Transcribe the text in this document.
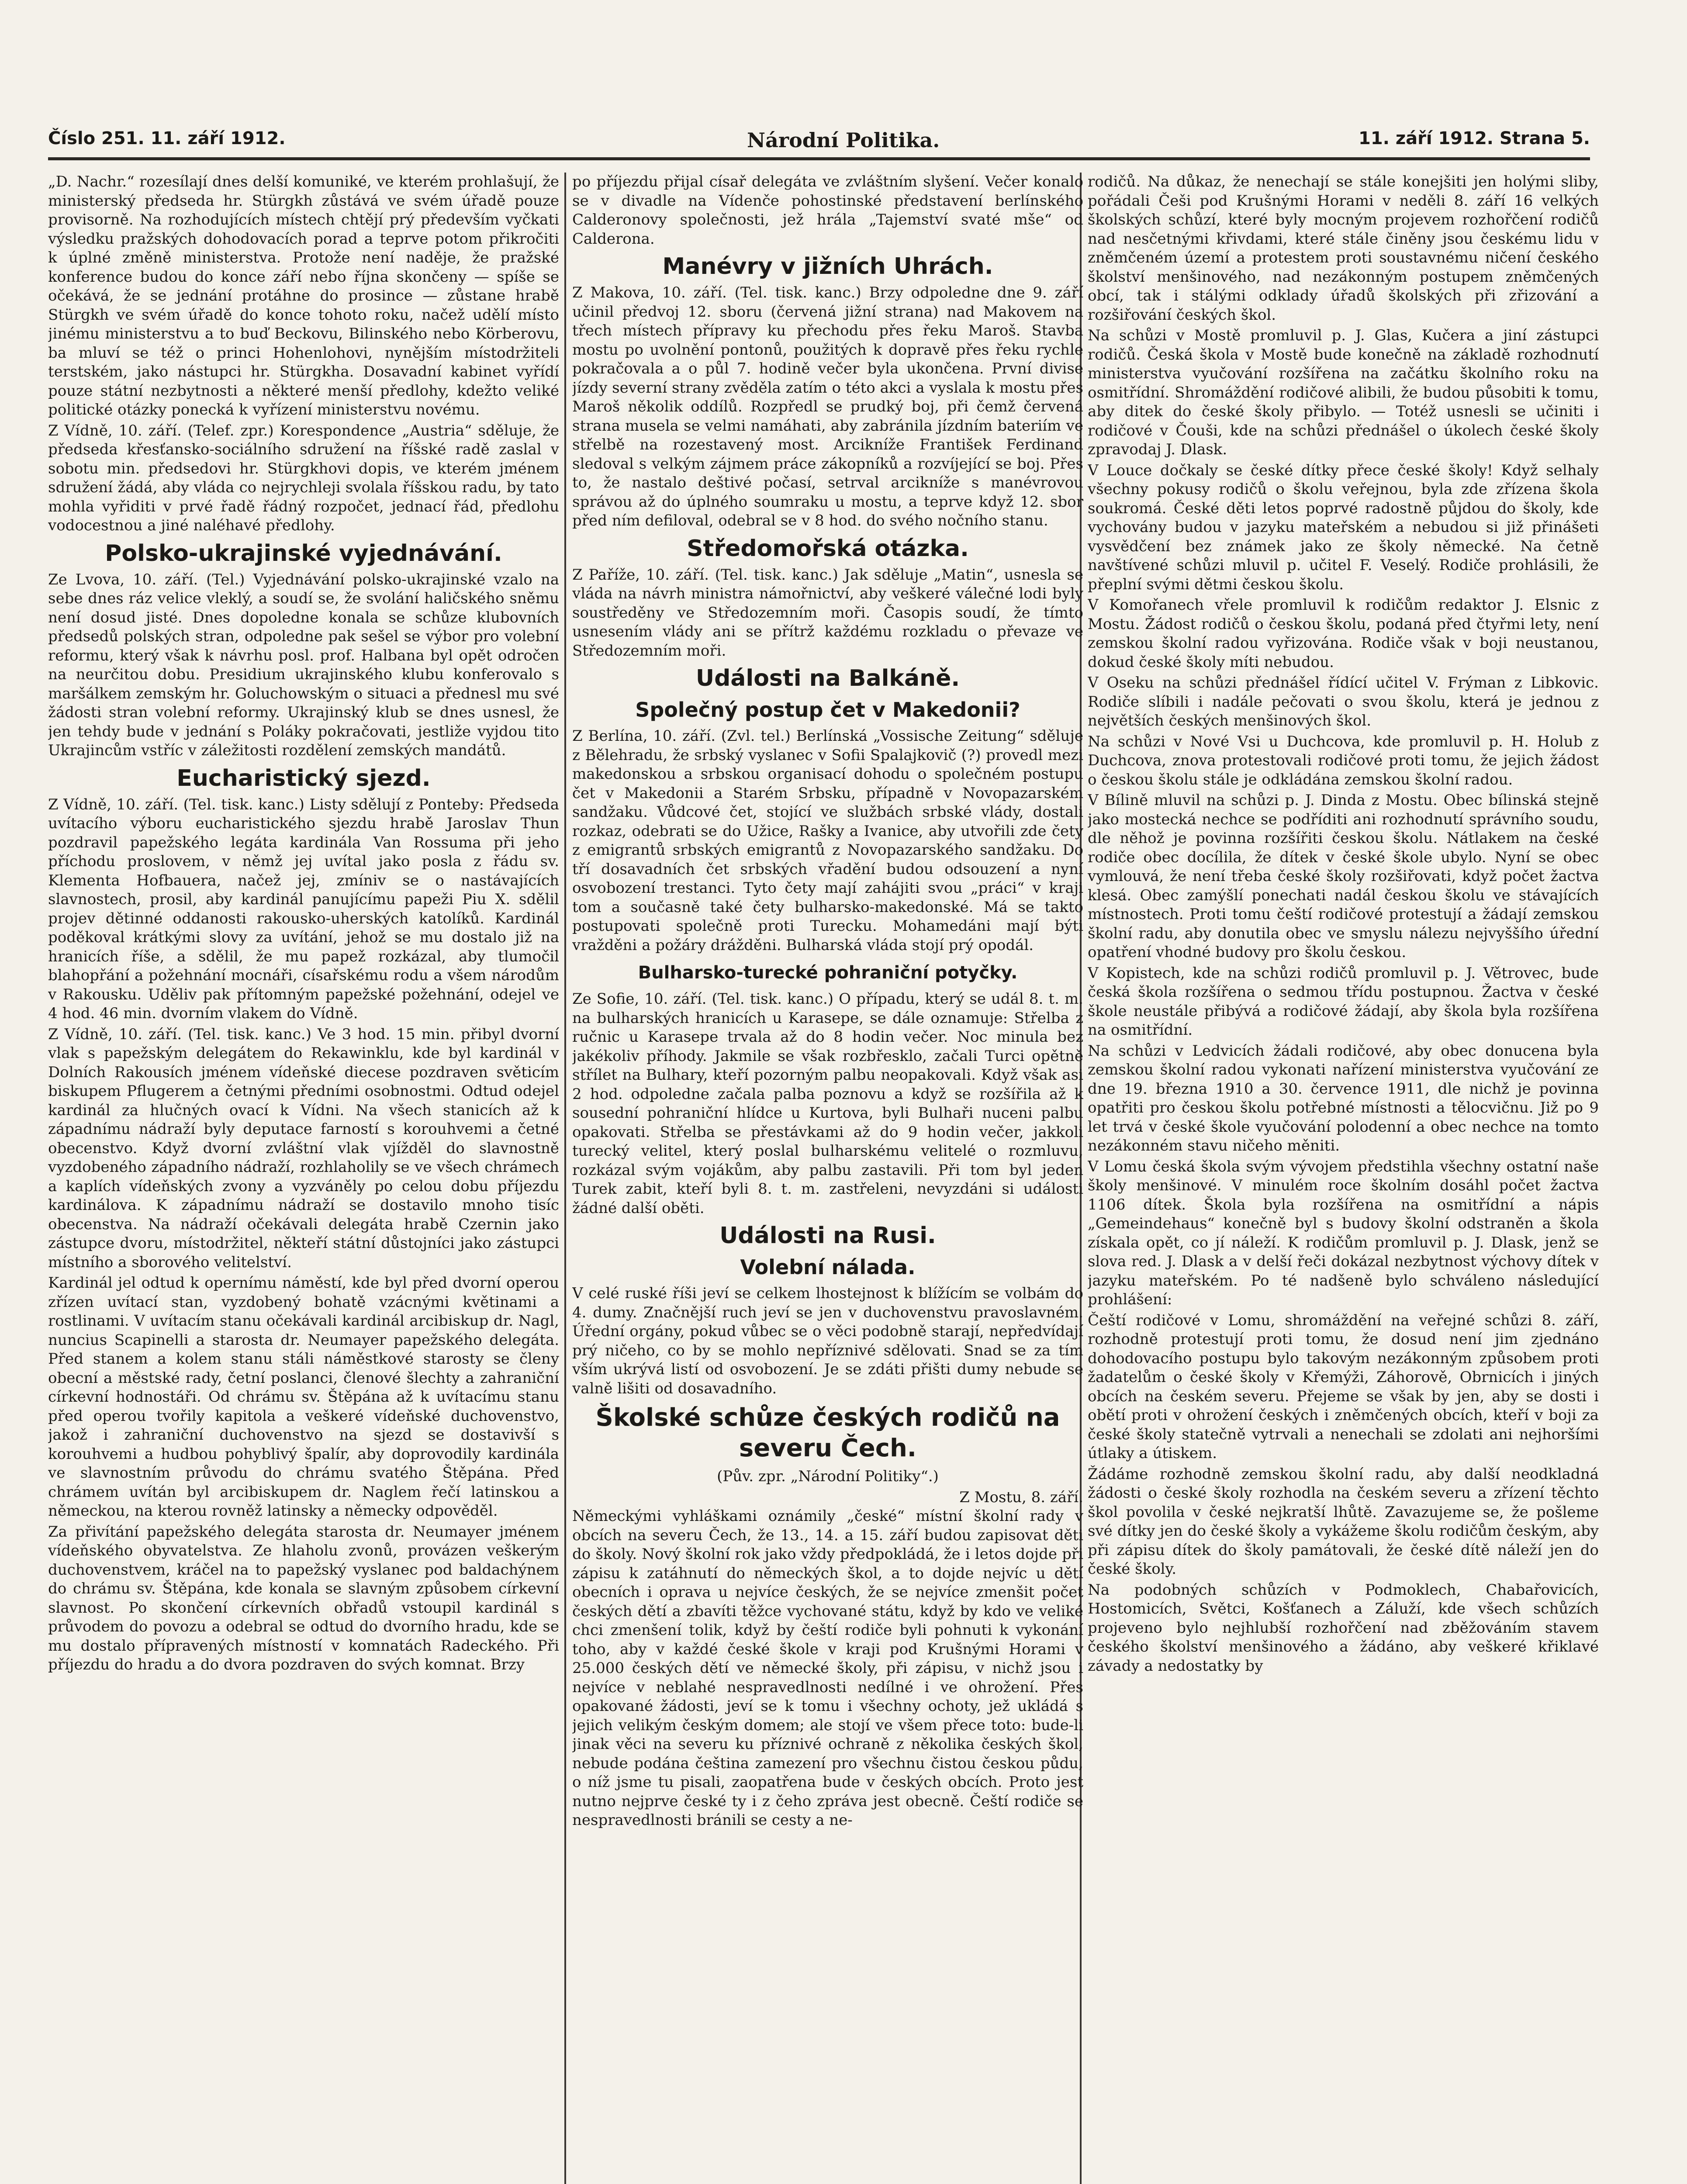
Číslo 251. 11. září 1912.	Národní Politika.	11. září 1912. Strana 5.

„D. Nachr.“ rozesílají dnes delší komuniké, ve kterém prohlašují, že ministerský předseda hr. Stürgkh zůstává ve svém úřadě pouze provisorně. Na rozhodujících místech chtějí prý především vyčkati výsledku pražských dohodovacích porad a teprve potom přikročiti k úplné změně ministerstva. Protože není naděje, že pražské konference budou do konce září nebo října skončeny — spíše se očekává, že se jednání protáhne do prosince — zůstane hrabě Stürgkh ve svém úřadě do konce tohoto roku, načež udělí místo jinému ministerstvu a to buď Beckovu, Bilinského nebo Körberovu, ba mluví se též o princi Hohenlohovi, nynějším místodržiteli terstském, jako nástupci hr. Stürgkha. Dosavadní kabinet vyřídí pouze státní nezbytnosti a některé menší předlohy, kdežto veliké politické otázky ponecká k vyřízení ministerstvu novému.

Z Vídně, 10. září. (Telef. zpr.) Korespondence „Austria“ sděluje, že předseda křesťansko-sociálního sdružení na říšské radě zaslal v sobotu min. předsedovi hr. Stürgkhovi dopis, ve kterém jménem sdružení žádá, aby vláda co nejrychleji svolala říšskou radu, by tato mohla vyřiditi v prvé řadě řádný rozpočet, jednací řád, předlohu vodocestnou a jiné naléhavé předlohy.

Polsko-ukrajinské vyjednávání.

Ze Lvova, 10. září. (Tel.) Vyjednávání polsko-ukrajinské vzalo na sebe dnes ráz velice vleklý, a soudí se, že svolání haličského sněmu není dosud jisté. Dnes dopoledne konala se schůze klubovních předsedů polských stran, odpoledne pak sešel se výbor pro volební reformu, který však k návrhu posl. prof. Halbana byl opět odročen na neurčitou dobu. Presidium ukrajinského klubu konferovalo s maršálkem zemským hr. Goluchowským o situaci a přednesl mu své žádosti stran volební reformy. Ukrajinský klub se dnes usnesl, že jen tehdy bude v jednání s Poláky pokračovati, jestliže vyjdou tito Ukrajincům vstříc v záležitosti rozdělení zemských mandátů.

Eucharistický sjezd.

Z Vídně, 10. září. (Tel. tisk. kanc.) Listy sdělují z Ponteby: Předseda uvítacího výboru eucharistického sjezdu hrabě Jaroslav Thun pozdravil papežského legáta kardinála Van Rossuma při jeho příchodu proslovem, v němž jej uvítal jako posla z řádu sv. Klementa Hofbauera, načež jej, zmíniv se o nastávajících slavnostech, prosil, aby kardinál panujícímu papeži Piu X. sdělil projev dětinné oddanosti rakousko-uherských katolíků. Kardinál poděkoval krátkými slovy za uvítání, jehož se mu dostalo již na hranicích říše, a sdělil, že mu papež rozkázal, aby tlumočil blahopřání a požehnání mocnáři, císařskému rodu a všem národům v Rakousku. Uděliv pak přítomným papežské požehnání, odejel ve 4 hod. 46 min. dvorním vlakem do Vídně.

Z Vídně, 10. září. (Tel. tisk. kanc.) Ve 3 hod. 15 min. přibyl dvorní vlak s papežským delegátem do Rekawinklu, kde byl kardinál v Dolních Rakousích jménem vídeňské diecese pozdraven světicím biskupem Pflugerem a četnými předními osobnostmi. Odtud odejel kardinál za hlučných ovací k Vídni. Na všech stanicích až k západnímu nádraží byly deputace farností s korouhvemi a četné obecenstvo. Když dvorní zvláštní vlak vjížděl do slavnostně vyzdobeného západního nádraží, rozhlaholily se ve všech chrámech a kaplích vídeňských zvony a vyzváněly po celou dobu příjezdu kardinálova. K západnímu nádraží se dostavilo mnoho tisíc obecenstva. Na nádraží očekávali delegáta hrabě Czernin jako zástupce dvoru, místodržitel, někteří státní důstojníci jako zástupci místního a sborového velitelství.

Kardinál jel odtud k opernímu náměstí, kde byl před dvorní operou zřízen uvítací stan, vyzdobený bohatě vzácnými květinami a rostlinami. V uvítacím stanu očekávali kardinál arcibiskup dr. Nagl, nuncius Scapinelli a starosta dr. Neumayer papežského delegáta. Před stanem a kolem stanu stáli náměstkové starosty se členy obecní a městské rady, četní poslanci, členové šlechty a zahraniční církevní hodnostáři. Od chrámu sv. Štěpána až k uvítacímu stanu před operou tvořily kapitola a veškeré vídeňské duchovenstvo, jakož i zahraniční duchovenstvo na sjezd se dostavivší s korouhvemi a hudbou pohyblivý špalír, aby doprovodily kardinála ve slavnostním průvodu do chrámu svatého Štěpána. Před chrámem uvítán byl arcibiskupem dr. Naglem řečí latinskou a německou, na kterou rovněž latinsky a německy odpověděl.

Za přivítání papežského delegáta starosta dr. Neumayer jménem vídeňského obyvatelstva. Ze hlaholu zvonů, provázen veškerým duchovenstvem, kráčel na to papežský vyslanec pod baldachýnem do chrámu sv. Štěpána, kde konala se slavným způsobem církevní slavnost. Po skončení církevních obřadů vstoupil kardinál s průvodem do povozu a odebral se odtud do dvorního hradu, kde se mu dostalo přípravených místností v komnatách Radeckého. Při příjezdu do hradu a do dvora pozdraven do svých komnat. Brzy

po příjezdu přijal císař delegáta ve zvláštním slyšení. Večer konalo se v divadle na Vídenče pohostinské představení berlínského Calderonovy společnosti, jež hrála „Tajemství svaté mše“ od Calderona.

Manévry v jižních Uhrách.

Z Makova, 10. září. (Tel. tisk. kanc.) Brzy odpoledne dne 9. září učinil předvoj 12. sboru (červená jižní strana) nad Makovem na třech místech přípravy ku přechodu přes řeku Maroš. Stavba mostu po uvolnění pontonů, použitých k dopravě přes řeku rychle pokračovala a o půl 7. hodině večer byla ukončena. První divise jízdy severní strany zvěděla zatím o této akci a vyslala k mostu přes Maroš několik oddílů. Rozpředl se prudký boj, při čemž červená strana musela se velmi namáhati, aby zabránila jízdním bateriím ve střelbě na rozestavený most. Arcikníže František Ferdinand sledoval s velkým zájmem práce zákopníků a rozvíjející se boj. Přes to, že nastalo deštivé počasí, setrval arcikníže s manévrovou správou až do úplného soumraku u mostu, a teprve když 12. sbor před ním defiloval, odebral se v 8 hod. do svého nočního stanu.

Středomořská otázka.

Z Paříže, 10. září. (Tel. tisk. kanc.) Jak sděluje „Matin“, usnesla se vláda na návrh ministra námořnictví, aby veškeré válečné lodi byly soustředěny ve Středozemním moři. Časopis soudí, že tímto usnesením vlády ani se přítrž každému rozkladu o převaze ve Středozemním moři.

Události na Balkáně.
Společný postup čet v Makedonii?

Z Berlína, 10. září. (Zvl. tel.) Berlínská „Vossische Zeitung“ sděluje z Bělehradu, že srbský vyslanec v Sofii Spalajkovič (?) provedl mezi makedonskou a srbskou organisací dohodu o společném postupu čet v Makedonii a Starém Srbsku, případně v Novopazarském sandžaku. Vůdcové čet, stojící ve službách srbské vlády, dostali rozkaz, odebrati se do Užice, Rašky a Ivanice, aby utvořili zde čety z emigrantů srbských emigrantů z Novopazarského sandžaku. Do tří dosavadních čet srbských vřadění budou odsouzení a nyní osvobození trestanci. Tyto čety mají zahájiti svou „práci“ v kraji tom a současně také čety bulharsko-makedonské. Má se takto postupovati společně proti Turecku. Mohamedáni mají býti vražděni a požáry drážděni. Bulharská vláda stojí prý opodál.

Bulharsko-turecké pohraniční potyčky.

Ze Sofie, 10. září. (Tel. tisk. kanc.) O případu, který se udál 8. t. m. na bulharských hranicích u Karasepe, se dále oznamuje: Střelba z ručnic u Karasepe trvala až do 8 hodin večer. Noc minula bez jakékoliv příhody. Jakmile se však rozbřesklo, začali Turci opětně střílet na Bulhary, kteří pozorným palbu neopakovali. Když však asi 2 hod. odpoledne začala palba poznovu a když se rozšířila až k sousední pohraniční hlídce u Kurtova, byli Bulhaři nuceni palbu opakovati. Střelba se přestávkami až do 9 hodin večer, jakkoli turecký velitel, který poslal bulharskému velitelé o rozmluvu, rozkázal svým vojákům, aby palbu zastavili. Při tom byl jeden Turek zabit, kteří byli 8. t. m. zastřeleni, nevyzdáni si události žádné další oběti.

Události na Rusi.
Volební nálada.

V celé ruské říši jeví se celkem lhostejnost k blížícím se volbám do 4. dumy. Značnější ruch jeví se jen v duchovenstvu pravoslavném. Úřední orgány, pokud vůbec se o věci podobně starají, nepředvídají prý ničeho, co by se mohlo nepříznivé sdělovati. Snad se za tím vším ukrývá listí od osvobození. Je se zdáti přišti dumy nebude se valně lišiti od dosavadního.

Školské schůze českých rodičů na severu Čech.

(Pův. zpr. „Národní Politiky“.)

Z Mostu, 8. září.

Německými vyhláškami oznámily „české“ místní školní rady v obcích na severu Čech, že 13., 14. a 15. září budou zapisovat děti do školy. Nový školní rok jako vždy předpokládá, že i letos dojde při zápisu k zatáhnutí do německých škol, a to dojde nejvíc u dětí obecních i oprava u nejvíce českých, že se nejvíce zmenšit počet českých dětí a zbavíti těžce vychované státu, když by kdo ve veliké chci zmenšení tolik, když by čeští rodiče byli pohnuti k vykonání toho, aby v každé české škole v kraji pod Krušnými Horami v 25.000 českých dětí ve německé školy, při zápisu, v nichž jsou i nejvíce v neblahé nespravedlnosti nedílné i ve ohrožení. Přes opakované žádosti, jeví se k tomu i všechny ochoty, jež ukládá s jejich velikým českým domem; ale stojí ve všem přece toto: bude-li jinak věci na severu ku příznivé ochraně z několika českých škol, nebude podána čeština zamezení pro všechnu čistou českou půdu, o níž jsme tu pisali, zaopatřena bude v českých obcích. Proto jest nutno nejprve české ty i z čeho zpráva jest obecně. Čeští rodiče se nespravedlnosti bránili se cesty a ne-

rodičů. Na důkaz, že nenechají se stále konejšiti jen holými sliby, pořádali Češi pod Krušnými Horami v neděli 8. září 16 velkých školských schůzí, které byly mocným projevem rozhořčení rodičů nad nesčetnými křivdami, které stále činěny jsou českému lidu v zněmčeném území a protestem proti soustavnému ničení českého školství menšinového, nad nezákonným postupem zněmčených obcí, tak i stálými odklady úřadů školských při zřizování a rozšiřování českých škol.

Na schůzi v Mostě promluvil p. J. Glas, Kučera a jiní zástupci rodičů. Česká škola v Mostě bude konečně na základě rozhodnutí ministerstva vyučování rozšířena na začátku školního roku na osmitřídní. Shromáždění rodičové alibili, že budou působiti k tomu, aby ditek do české školy přibylo. — Totéž usnesli se učiniti i rodičové v Čouši, kde na schůzi přednášel o úkolech české školy zpravodaj J. Dlask.

V Louce dočkaly se české dítky přece české školy! Když selhaly všechny pokusy rodičů o školu veřejnou, byla zde zřízena škola soukromá. České děti letos poprvé radostně půjdou do školy, kde vychovány budou v jazyku mateřském a nebudou si již přinášeti vysvědčení bez známek jako ze školy německé. Na četně navštívené schůzi mluvil p. učitel F. Veselý. Rodiče prohlásili, že přeplní svými dětmi českou školu.

V Komořanech vřele promluvil k rodičům redaktor J. Elsnic z Mostu. Žádost rodičů o českou školu, podaná před čtyřmi lety, není zemskou školní radou vyřizována. Rodiče však v boji neustanou, dokud české školy míti nebudou.

V Oseku na schůzi přednášel řídící učitel V. Frýman z Libkovic. Rodiče slíbili i nadále pečovati o svou školu, která je jednou z největších českých menšinových škol.

Na schůzi v Nové Vsi u Duchcova, kde promluvil p. H. Holub z Duchcova, znova protestovali rodičové proti tomu, že jejich žádost o českou školu stále je odkládána zemskou školní radou.

V Bílině mluvil na schůzi p. J. Dinda z Mostu. Obec bílinská stejně jako mostecká nechce se podříditi ani rozhodnutí správního soudu, dle něhož je povinna rozšířiti českou školu. Nátlakem na české rodiče obec docílila, že dítek v české škole ubylo. Nyní se obec vymlouvá, že není třeba české školy rozšiřovati, když počet žactva klesá. Obec zamýšlí ponechati nadál českou školu ve stávajících místnostech. Proti tomu čeští rodičové protestují a žádají zemskou školní radu, aby donutila obec ve smyslu nálezu nejvyššího úřední opatření vhodné budovy pro školu českou.

V Kopistech, kde na schůzi rodičů promluvil p. J. Větrovec, bude česká škola rozšířena o sedmou třídu postupnou. Žactva v české škole neustále přibývá a rodičové žádají, aby škola byla rozšířena na osmitřídní.

Na schůzi v Ledvicích žádali rodičové, aby obec donucena byla zemskou školní radou vykonati nařízení ministerstva vyučování ze dne 19. března 1910 a 30. července 1911, dle nichž je povinna opatřiti pro českou školu potřebné místnosti a tělocvičnu. Již po 9 let trvá v české škole vyučování polodenní a obec nechce na tomto nezákonném stavu ničeho měniti.

V Lomu česká škola svým vývojem předstihla všechny ostatní naše školy menšinové. V minulém roce školním dosáhl počet žactva 1106 dítek. Škola byla rozšířena na osmitřídní a nápis „Gemeindehaus“ konečně byl s budovy školní odstraněn a škola získala opět, co jí náleží. K rodičům promluvil p. J. Dlask, jenž se slova red. J. Dlask a v delší řeči dokázal nezbytnost výchovy dítek v jazyku mateřském. Po té nadšeně bylo schváleno následující prohlášení:

Čeští rodičové v Lomu, shromáždění na veřejné schůzi 8. září, rozhodně protestují proti tomu, že dosud není jim zjednáno dohodovacího postupu bylo takovým nezákonným způsobem proti žadatelům o české školy v Křemýži, Záhorově, Obrnicích i jiných obcích na českém severu. Přejeme se však by jen, aby se dosti i obětí proti v ohrožení českých i zněmčených obcích, kteří v boji za české školy statečně vytrvali a nenechali se zdolati ani nejhoršími útlaky a útiskem.

Žádáme rozhodně zemskou školní radu, aby další neodkladná žádosti o české školy rozhodla na českém severu a zřízení těchto škol povolila v české nejkratší lhůtě. Zavazujeme se, že pošleme své dítky jen do české školy a vykážeme školu rodičům českým, aby při zápisu dítek do školy památovali, že české dítě náleží jen do české školy.

Na podobných schůzích v Podmoklech, Chabařovicích, Hostomicích, Světci, Košťanech a Záluží, kde všech schůzích projeveno bylo nejhlubší rozhořčení nad zběžováním stavem českého školství menšinového a žádáno, aby veškeré křiklavé závady a nedostatky by
